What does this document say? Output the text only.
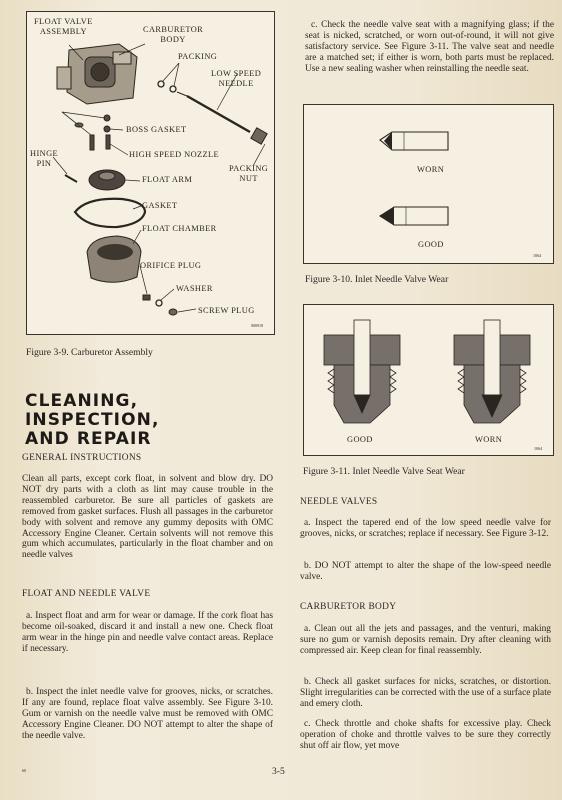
FLOAT VALVE
ASSEMBLY	CARBURETOR
BODY
PACKING
LOW SPEED
NEEDLE
BOSS GASKET
HINGE
PIN
HIGH SPEED NOZZLE
PACKING
NUT
FLOAT ARM
GASKET
FLOAT CHAMBER
ORIFICE PLUG
WASHER
SCREW PLUG
000918
Figure 3-9. Carburetor Assembly
c. Check the needle valve seat with a magnifying glass; if the seat is nicked, scratched, or worn out-of-round, it will not give satisfactory service. See Figure 3-11. The valve seat and needle are a matched set; if either is worn, both parts must be replaced. Use a new sealing washer when reinstalling the needle seat.
WORN
GOOD
1064
Figure 3-10. Inlet Needle Valve Wear
GOOD	WORN
1064
Figure 3-11. Inlet Needle Valve Seat Wear
CLEANING,
INSPECTION,
AND REPAIR
GENERAL INSTRUCTIONS
Clean all parts, except cork float, in solvent and blow dry. DO NOT dry parts with a cloth as lint may cause trouble in the reassembled carburetor. Be sure all particles of gaskets are removed from gasket surfaces. Flush all passages in the carburetor body with solvent and remove any gummy deposits with OMC Accessory Engine Cleaner. Certain solvents will not remove this gum which accumulates, particularly in the float chamber and on needle valves
FLOAT AND NEEDLE VALVE
a. Inspect float and arm for wear or damage. If the cork float has become oil-soaked, discard it and install a new one. Check float arm wear in the hinge pin and needle valve contact areas. Replace if necessary.
b. Inspect the inlet needle valve for grooves, nicks, or scratches. If any are found, replace float valve assembly. See Figure 3-10. Gum or varnish on the needle valve must be removed with OMC Accessory Engine Cleaner. DO NOT attempt to alter the shape of the needle valve.
NEEDLE VALVES
a. Inspect the tapered end of the low speed needle valve for grooves, nicks, or scratches; replace if necessary. See Figure 3-12.
b. DO NOT attempt to alter the shape of the low-speed needle valve.
CARBURETOR BODY
a. Clean out all the jets and passages, and the venturi, making sure no gum or varnish deposits remain. Dry after cleaning with compressed air. Keep clean for final reassembly.
b. Check all gasket surfaces for nicks, scratches, or distortion. Slight irregularities can be corrected with the use of a surface plate and emery cloth.
c. Check throttle and choke shafts for excessive play. Check operation of choke and throttle valves to be sure they correctly shut off air flow, yet move
60	3-5
